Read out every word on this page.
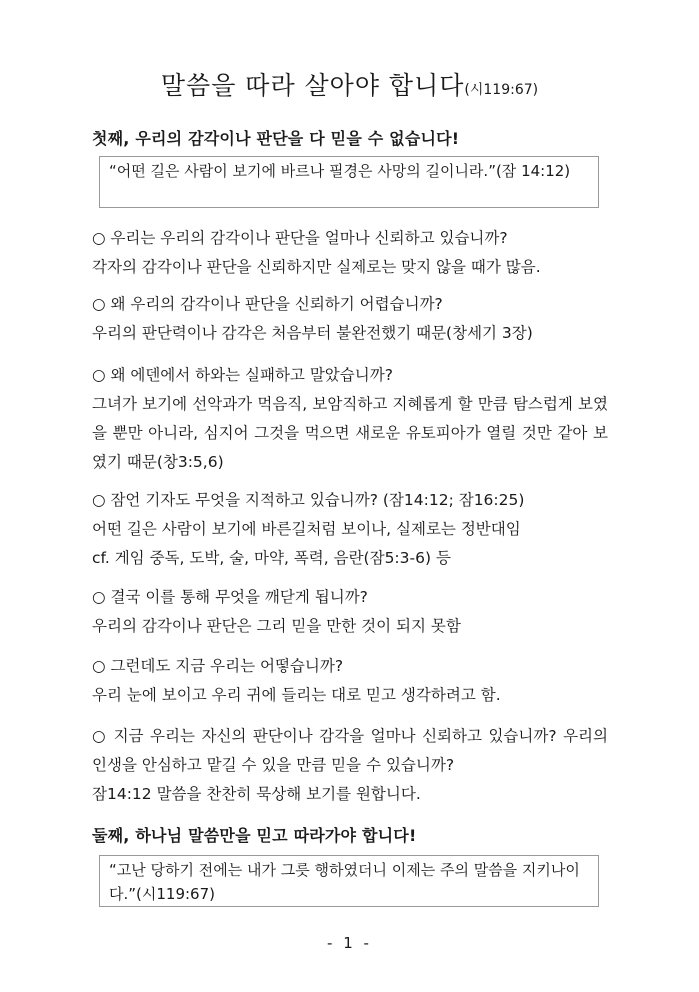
말씀을 따라 살아야 합니다(시119:67)
첫째, 우리의 감각이나 판단을 다 믿을 수 없습니다!
“어떤 길은 사람이 보기에 바르나 필경은 사망의 길이니라.”(잠 14:12)
○ 우리는 우리의 감각이나 판단을 얼마나 신뢰하고 있습니까?
각자의 감각이나 판단을 신뢰하지만 실제로는 맞지 않을 때가 많음.
○ 왜 우리의 감각이나 판단을 신뢰하기 어렵습니까?
우리의 판단력이나 감각은 처음부터 불완전했기 때문(창세기 3장)
○ 왜 에덴에서 하와는 실패하고 말았습니까?
그녀가 보기에 선악과가 먹음직, 보암직하고 지혜롭게 할 만큼 탐스럽게 보였을 뿐만 아니라, 심지어 그것을 먹으면 새로운 유토피아가 열릴 것만 같아 보였기 때문(창3:5,6)
○ 잠언 기자도 무엇을 지적하고 있습니까? (잠14:12; 잠16:25)
어떤 길은 사람이 보기에 바른길처럼 보이나, 실제로는 정반대임
cf. 게임 중독, 도박, 술, 마약, 폭력, 음란(잠5:3-6) 등
○ 결국 이를 통해 무엇을 깨닫게 됩니까?
우리의 감각이나 판단은 그리 믿을 만한 것이 되지 못함
○ 그런데도 지금 우리는 어떻습니까?
우리 눈에 보이고 우리 귀에 들리는 대로 믿고 생각하려고 함.
○ 지금 우리는 자신의 판단이나 감각을 얼마나 신뢰하고 있습니까? 우리의 인생을 안심하고 맡길 수 있을 만큼 믿을 수 있습니까?
잠14:12 말씀을 찬찬히 묵상해 보기를 원합니다.
둘째, 하나님 말씀만을 믿고 따라가야 합니다!
“고난 당하기 전에는 내가 그릇 행하였더니 이제는 주의 말씀을 지키나이다.”(시119:67)
- 1 -
